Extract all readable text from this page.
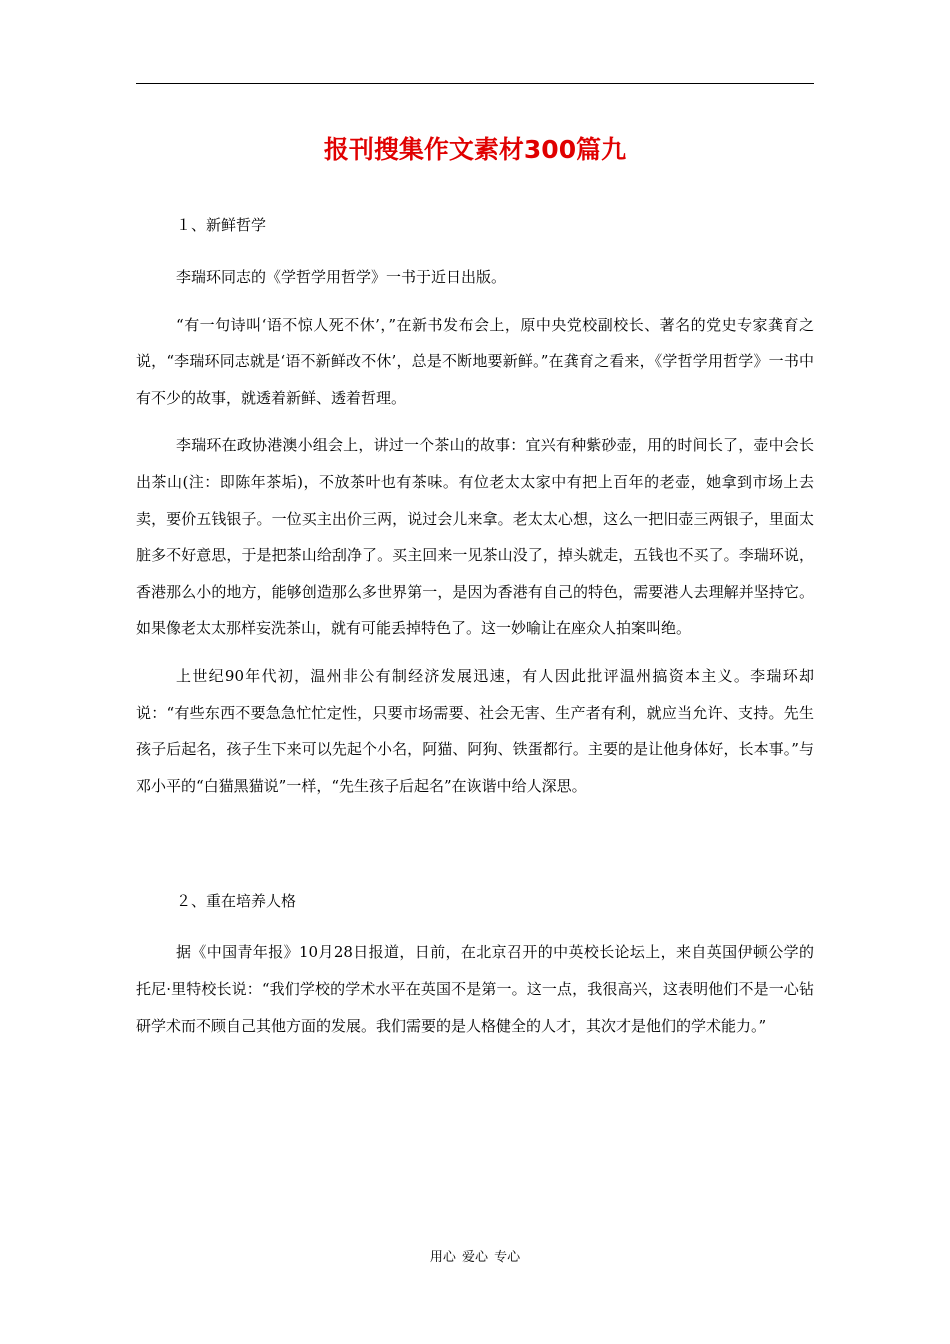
报刊搜集作文素材300篇九

１、新鲜哲学

李瑞环同志的《学哲学用哲学》一书于近日出版。

“有一句诗叫‘语不惊人死不休’，”在新书发布会上，原中央党校副校长、著名的党史专家龚育之说，“李瑞环同志就是‘语不新鲜改不休’，总是不断地要新鲜。”在龚育之看来，《学哲学用哲学》一书中有不少的故事，就透着新鲜、透着哲理。

李瑞环在政协港澳小组会上，讲过一个茶山的故事：宜兴有种紫砂壶，用的时间长了，壶中会长出茶山(注：即陈年茶垢)，不放茶叶也有茶味。有位老太太家中有把上百年的老壶，她拿到市场上去卖，要价五钱银子。一位买主出价三两，说过会儿来拿。老太太心想，这么一把旧壶三两银子，里面太脏多不好意思，于是把茶山给刮净了。买主回来一见茶山没了，掉头就走，五钱也不买了。李瑞环说，香港那么小的地方，能够创造那么多世界第一，是因为香港有自己的特色，需要港人去理解并坚持它。如果像老太太那样妄洗茶山，就有可能丢掉特色了。这一妙喻让在座众人拍案叫绝。

上世纪90年代初，温州非公有制经济发展迅速，有人因此批评温州搞资本主义。李瑞环却说：“有些东西不要急急忙忙定性，只要市场需要、社会无害、生产者有利，就应当允许、支持。先生孩子后起名，孩子生下来可以先起个小名，阿猫、阿狗、铁蛋都行。主要的是让他身体好，长本事。”与邓小平的“白猫黑猫说”一样，“先生孩子后起名”在诙谐中给人深思。

２、重在培养人格

据《中国青年报》10月28日报道，日前，在北京召开的中英校长论坛上，来自英国伊顿公学的托尼·里特校长说：“我们学校的学术水平在英国不是第一。这一点，我很高兴，这表明他们不是一心钻研学术而不顾自己其他方面的发展。我们需要的是人格健全的人才，其次才是他们的学术能力。”

用心 爱心 专心
